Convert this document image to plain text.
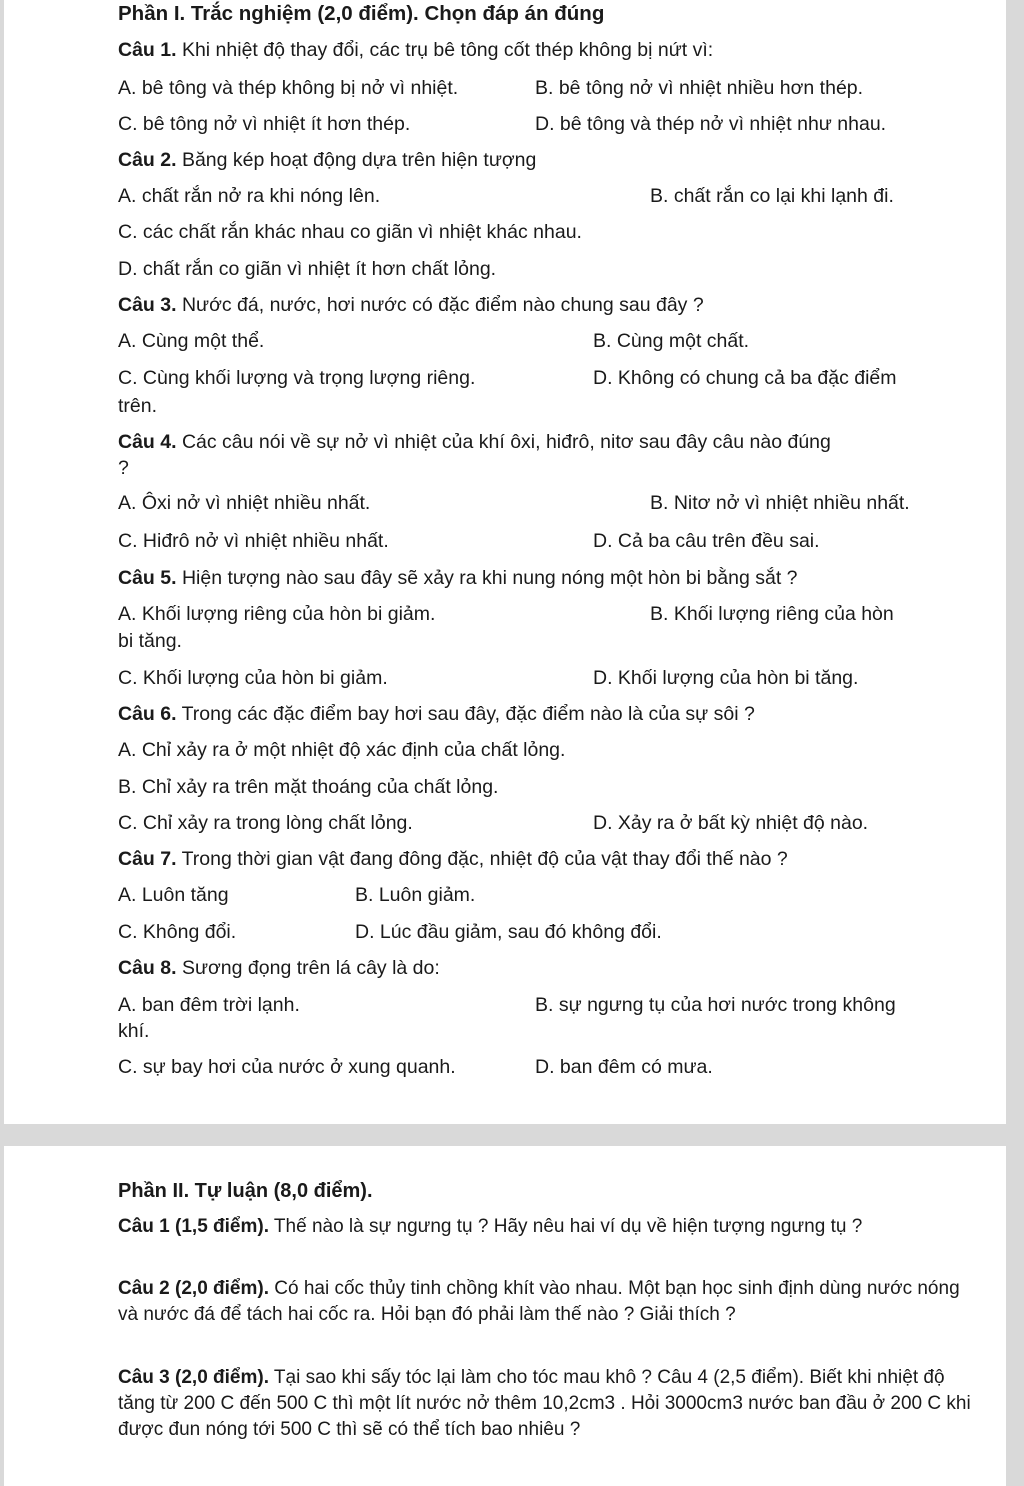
Phần I. Trắc nghiệm (2,0 điểm). Chọn đáp án đúng
Câu 1. Khi nhiệt độ thay đổi, các trụ bê tông cốt thép không bị nứt vì:
A. bê tông và thép không bị nở vì nhiệt.	B. bê tông nở vì nhiệt nhiều hơn thép.
C. bê tông nở vì nhiệt ít hơn thép.	D. bê tông và thép nở vì nhiệt như nhau.
Câu 2. Băng kép hoạt động dựa trên hiện tượng
A. chất rắn nở ra khi nóng lên.	B. chất rắn co lại khi lạnh đi.
C. các chất rắn khác nhau co giãn vì nhiệt khác nhau.
D. chất rắn co giãn vì nhiệt ít hơn chất lỏng.
Câu 3. Nước đá, nước, hơi nước có đặc điểm nào chung sau đây ?
A. Cùng một thể.	B. Cùng một chất.
C. Cùng khối lượng và trọng lượng riêng.	D. Không có chung cả ba đặc điểm
trên.
Câu 4. Các câu nói về sự nở vì nhiệt của khí ôxi, hiđrô, nitơ sau đây câu nào đúng
?
A. Ôxi nở vì nhiệt nhiều nhất.	B. Nitơ nở vì nhiệt nhiều nhất.
C. Hiđrô nở vì nhiệt nhiều nhất.	D. Cả ba câu trên đều sai.
Câu 5. Hiện tượng nào sau đây sẽ xảy ra khi nung nóng một hòn bi bằng sắt ?
A. Khối lượng riêng của hòn bi giảm.	B. Khối lượng riêng của hòn
bi tăng.
C. Khối lượng của hòn bi giảm.	D. Khối lượng của hòn bi tăng.
Câu 6. Trong các đặc điểm bay hơi sau đây, đặc điểm nào là của sự sôi ?
A. Chỉ xảy ra ở một nhiệt độ xác định của chất lỏng.
B. Chỉ xảy ra trên mặt thoáng của chất lỏng.
C. Chỉ xảy ra trong lòng chất lỏng.	D. Xảy ra ở bất kỳ nhiệt độ nào.
Câu 7. Trong thời gian vật đang đông đặc, nhiệt độ của vật thay đổi thế nào ?
A. Luôn tăng	B. Luôn giảm.
C. Không đổi.	D. Lúc đầu giảm, sau đó không đổi.
Câu 8. Sương đọng trên lá cây là do:
A. ban đêm trời lạnh.	B. sự ngưng tụ của hơi nước trong không
khí.
C. sự bay hơi của nước ở xung quanh.	D. ban đêm có mưa.
Phần II. Tự luận (8,0 điểm).
Câu 1 (1,5 điểm). Thế nào là sự ngưng tụ ? Hãy nêu hai ví dụ về hiện tượng ngưng tụ ?
Câu 2 (2,0 điểm). Có hai cốc thủy tinh chồng khít vào nhau. Một bạn học sinh định dùng nước nóng và nước đá để tách hai cốc ra. Hỏi bạn đó phải làm thế nào ? Giải thích ?
Câu 3 (2,0 điểm). Tại sao khi sấy tóc lại làm cho tóc mau khô ? Câu 4 (2,5 điểm). Biết khi nhiệt độ tăng từ 200 C đến 500 C thì một lít nước nở thêm 10,2cm3 . Hỏi 3000cm3 nước ban đầu ở 200 C khi được đun nóng tới 500 C thì sẽ có thể tích bao nhiêu ?
